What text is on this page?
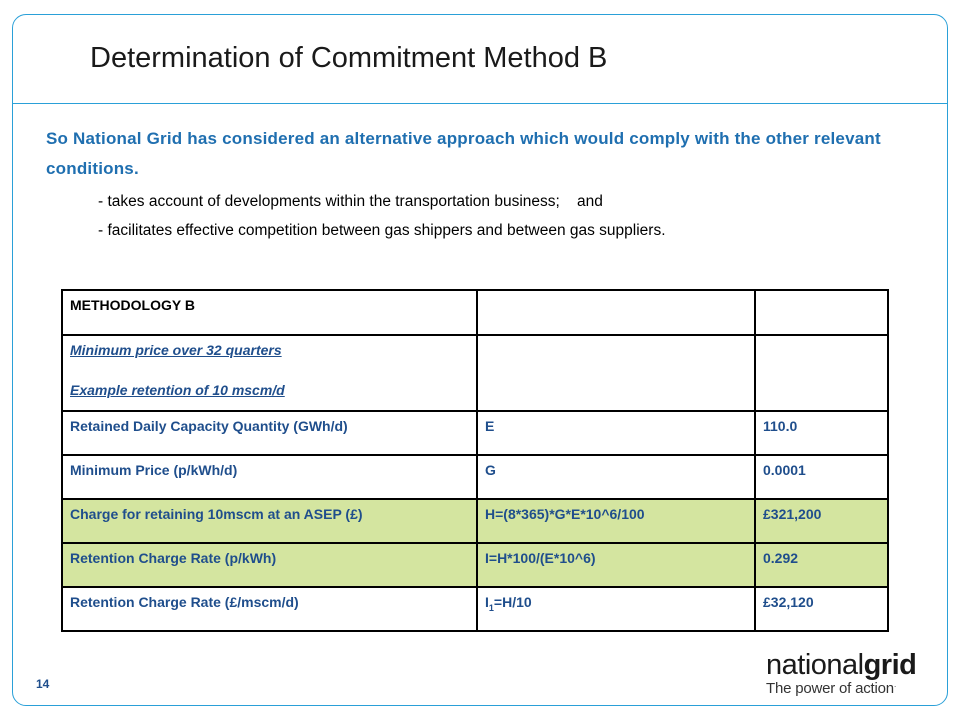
Determination of Commitment Method B
So National Grid has considered an alternative approach which would comply with the other relevant conditions.
- takes account of developments within the transportation business;    and
- facilitates effective competition between gas shippers and between gas suppliers.
METHODOLOGY B		

Minimum price over 32 quarters
Example retention of 10 mscm/d		

Retained Daily Capacity Quantity (GWh/d)	E	110.0
Minimum Price (p/kWh/d)	G	0.0001
Charge for retaining 10mscm at an ASEP (£)	H=(8*365)*G*E*10^6/100	£321,200
Retention Charge Rate (p/kWh)	I=H*100/(E*10^6)	0.292
Retention Charge Rate (£/mscm/d)	$I_1=H/10$	£32,120
14
nationalgrid
The power of action.
